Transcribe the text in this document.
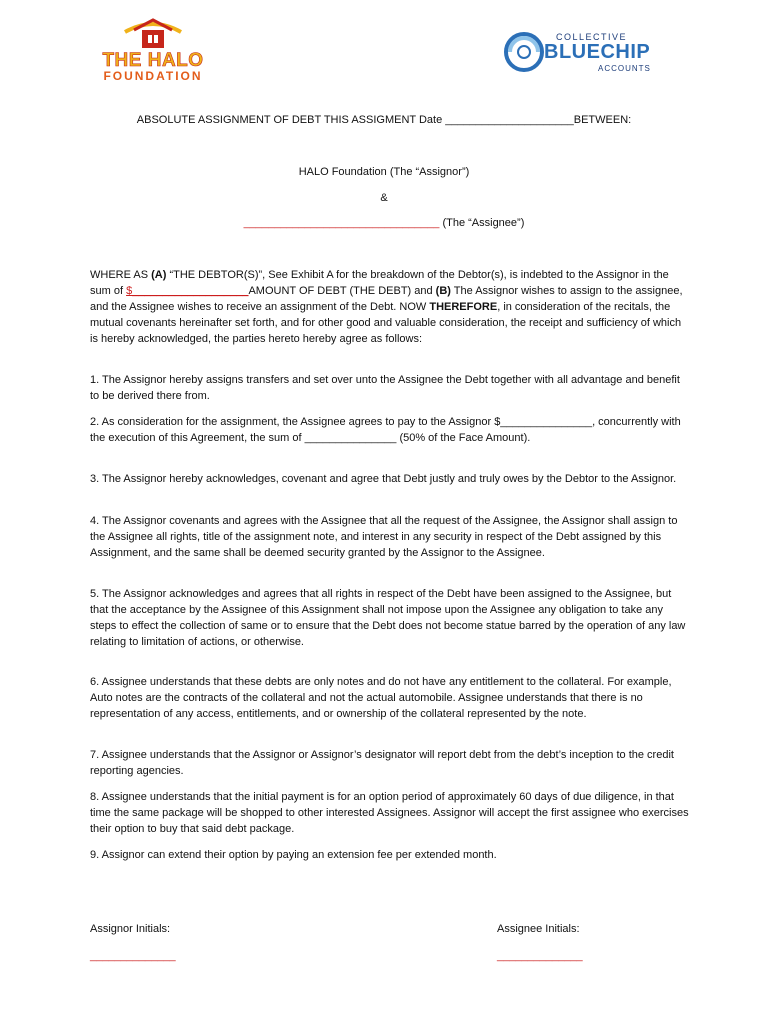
THE HALO
FOUNDATION
COLLECTIVE
BLUECHIP
ACCOUNTS
ABSOLUTE ASSIGNMENT OF DEBT THIS ASSIGMENT Date _____________________BETWEEN:
HALO Foundation (The “Assignor”)
&
________________________________ (The “Assignee”)
WHERE AS (A) “THE DEBTOR(S)”, See Exhibit A for the breakdown of the Debtor(s), is indebted to the Assignor in the sum of $___________________AMOUNT OF DEBT (THE DEBT) and (B) The Assignor wishes to assign to the assignee, and the Assignee wishes to receive an assignment of the Debt. NOW THEREFORE, in consideration of the recitals, the mutual covenants hereinafter set forth, and for other good and valuable consideration, the receipt and sufficiency of which is hereby acknowledged, the parties hereto hereby agree as follows:
1. The Assignor hereby assigns transfers and set over unto the Assignee the Debt together with all advantage and benefit to be derived there from.
2. As consideration for the assignment, the Assignee agrees to pay to the Assignor $_______________, concurrently with the execution of this Agreement, the sum of _______________ (50% of the Face Amount).
3. The Assignor hereby acknowledges, covenant and agree that Debt justly and truly owes by the Debtor to the Assignor.
4. The Assignor covenants and agrees with the Assignee that all the request of the Assignee, the Assignor shall assign to the Assignee all rights, title of the assignment note, and interest in any security in respect of the Debt assigned by this Assignment, and the same shall be deemed security granted by the Assignor to the Assignee.
5. The Assignor acknowledges and agrees that all rights in respect of the Debt have been assigned to the Assignee, but that the acceptance by the Assignee of this Assignment shall not impose upon the Assignee any obligation to take any steps to effect the collection of same or to ensure that the Debt does not become statue barred by the operation of any law relating to limitation of actions, or otherwise.
6. Assignee understands that these debts are only notes and do not have any entitlement to the collateral. For example, Auto notes are the contracts of the collateral and not the actual automobile. Assignee understands that there is no representation of any access, entitlements, and or ownership of the collateral represented by the note.
7. Assignee understands that the Assignor or Assignor’s designator will report debt from the debt’s inception to the credit reporting agencies.
8. Assignee understands that the initial payment is for an option period of approximately 60 days of due diligence, in that time the same package will be shopped to other interested Assignees. Assignor will accept the first assignee who exercises their option to buy that said debt package.
9. Assignor can extend their option by paying an extension fee per extended month.
Assignor Initials:
______________
Assignee Initials:
______________
